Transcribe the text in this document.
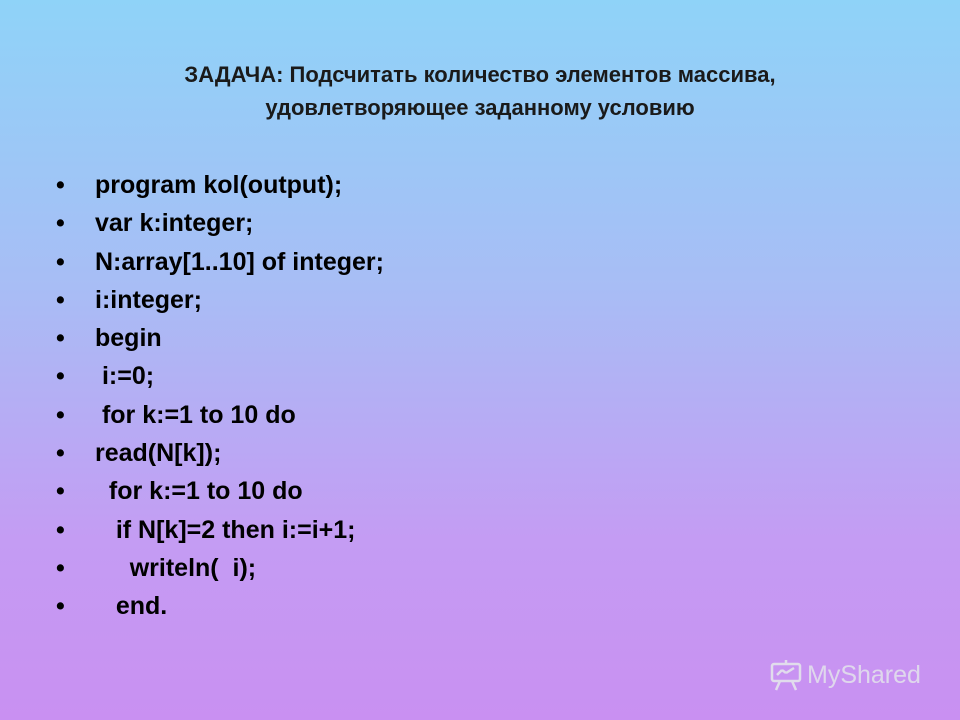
ЗАДАЧА: Подсчитать количество элементов массива,
удовлетворяющее заданному условию
• program kol(output);
• var k:integer;
• N:array[1..10] of integer;
• i:integer;
• begin
• i:=0;
• for k:=1 to 10 do
• read(N[k]);
•  for k:=1 to 10 do
•   if N[k]=2 then i:=i+1;
•     writeln(  i);
•   end.
MyShared
